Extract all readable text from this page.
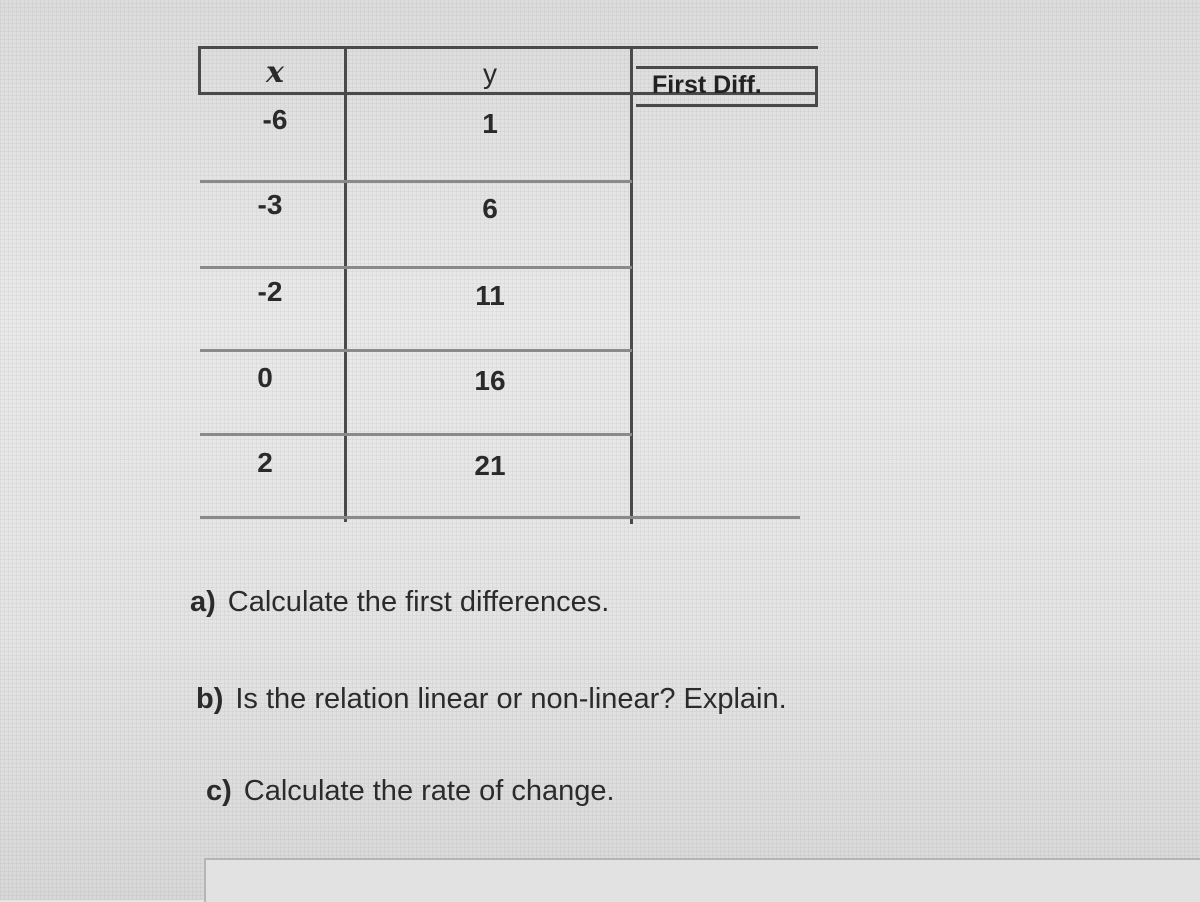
x	y	First Diff.
-6	1
-3	6
-2	11
0	16
2	21
a) Calculate the first differences.
b) Is the relation linear or non-linear? Explain.
c) Calculate the rate of change.
